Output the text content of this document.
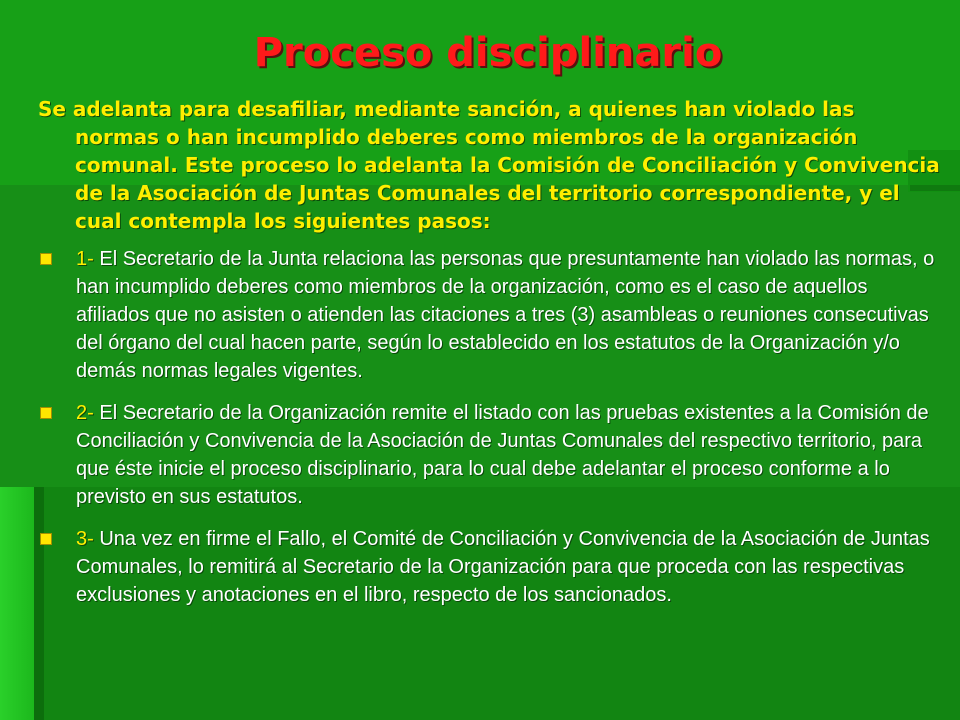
Proceso disciplinario
Se adelanta para desafiliar, mediante sanción, a quienes han violado las normas o han incumplido deberes como miembros de la organización comunal. Este proceso lo adelanta la Comisión de Conciliación y Convivencia de la Asociación de Juntas Comunales del territorio correspondiente, y el cual contempla los siguientes pasos:
1- El Secretario de la Junta relaciona las personas que presuntamente han violado las normas, o han incumplido deberes como miembros de la organización, como es el caso de aquellos afiliados que no asisten o atienden las citaciones a tres (3) asambleas o reuniones consecutivas del órgano del cual hacen parte, según lo establecido en los estatutos de la Organización y/o demás normas legales vigentes.
2- El Secretario de la Organización remite el listado con las pruebas existentes a la Comisión de Conciliación y Convivencia de la Asociación de Juntas Comunales del respectivo territorio, para que éste inicie el proceso disciplinario, para lo cual debe adelantar el proceso conforme a lo previsto en sus estatutos.
3- Una vez en firme el Fallo, el Comité de Conciliación y Convivencia de la Asociación de Juntas Comunales, lo remitirá al Secretario de la Organización para que proceda con las respectivas exclusiones y anotaciones en el libro, respecto de los sancionados.
